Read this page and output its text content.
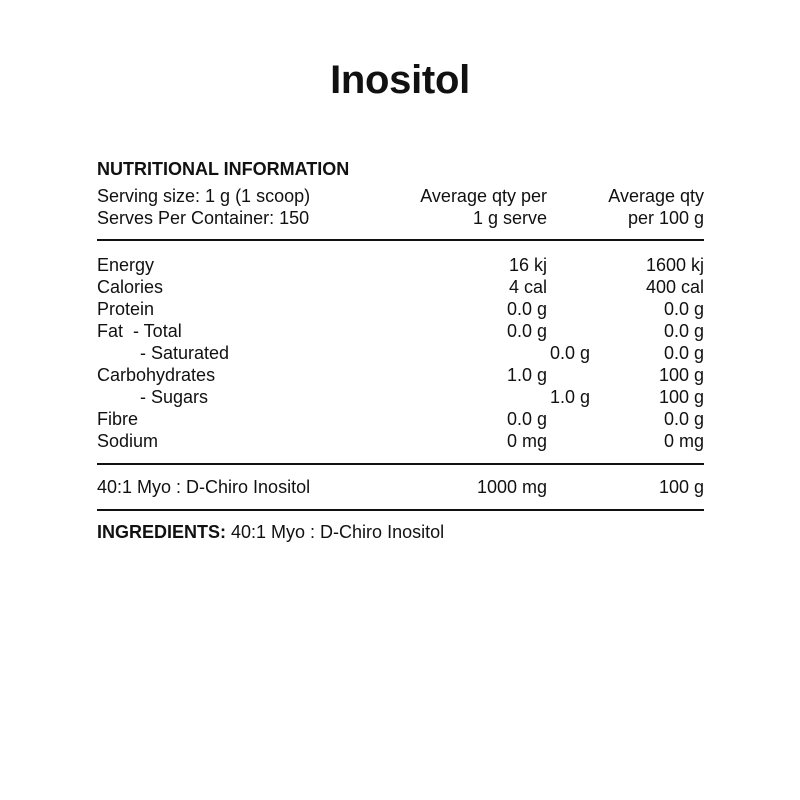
Inositol
NUTRITIONAL INFORMATION
Serving size: 1 g (1 scoop)	Average qty per	Average qty
Serves Per Container: 150	1 g serve	per 100 g
Energy	16 kj	1600 kj
Calories	4 cal	400 cal
Protein	0.0 g	0.0 g
Fat  - Total	0.0 g	0.0 g
- Saturated	0.0 g	0.0 g
Carbohydrates	1.0 g	100 g
- Sugars	1.0 g	100 g
Fibre	0.0 g	0.0 g
Sodium	0 mg	0 mg
40:1 Myo : D-Chiro Inositol	1000 mg	100 g
INGREDIENTS: 40:1 Myo : D-Chiro Inositol
